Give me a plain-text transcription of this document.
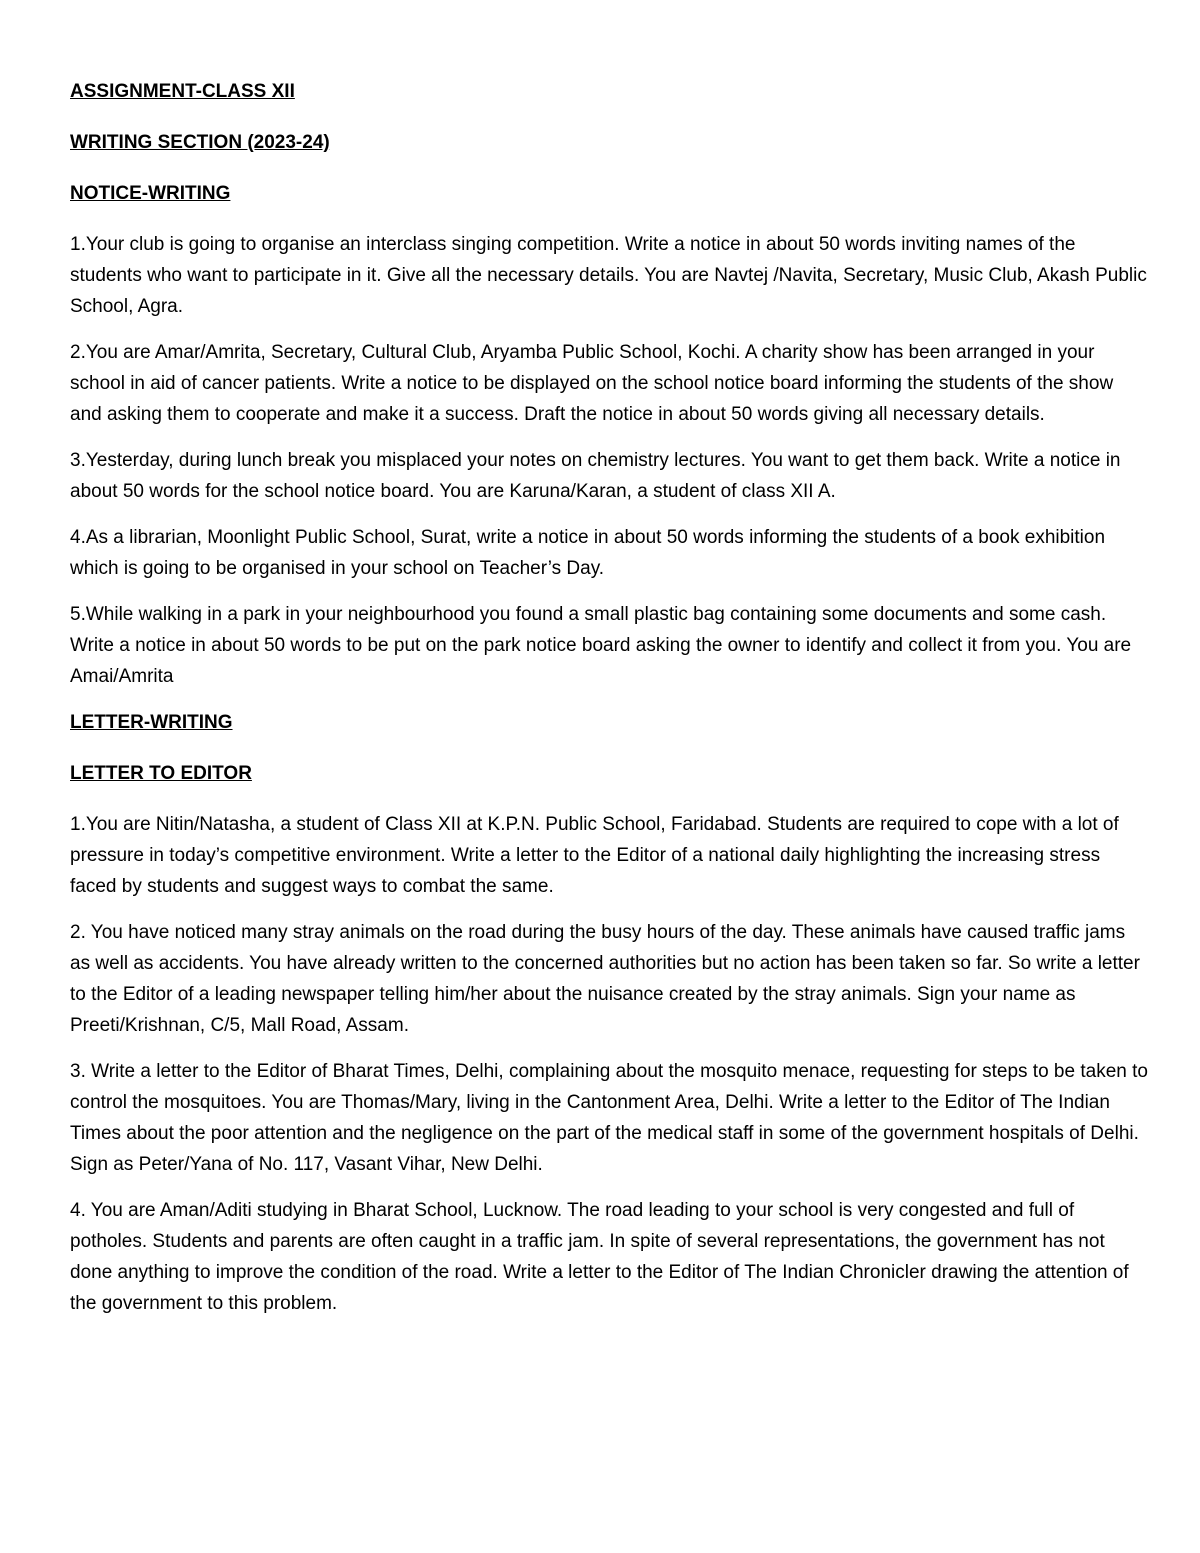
ASSIGNMENT-CLASS XII
WRITING SECTION (2023-24)
NOTICE-WRITING

1.Your club is going to organise an interclass singing competition. Write a notice in about 50 words inviting names of the students who want to participate in it. Give all the necessary details. You are Navtej /Navita, Secretary, Music Club, Akash Public School, Agra.

2.You are Amar/Amrita, Secretary, Cultural Club, Aryamba Public School, Kochi. A charity show has been arranged in your school in aid of cancer patients. Write a notice to be displayed on the school notice board informing the students of the show and asking them to cooperate and make it a success. Draft the notice in about 50 words giving all necessary details.

3.Yesterday, during lunch break you misplaced your notes on chemistry lectures. You want to get them back. Write a notice in about 50 words for the school notice board. You are Karuna/Karan, a student of class XII A.

4.As a librarian, Moonlight Public School, Surat, write a notice in about 50 words informing the students of a book exhibition which is going to be organised in your school on Teacher’s Day.

5.While walking in a park in your neighbourhood you found a small plastic bag containing some documents and some cash. Write a notice in about 50 words to be put on the park notice board asking the owner to identify and collect it from you. You are Amai/Amrita

LETTER-WRITING
LETTER TO EDITOR

1.You are Nitin/Natasha, a student of Class XII at K.P.N. Public School, Faridabad. Students are required to cope with a lot of pressure in today’s competitive environment. Write a letter to the Editor of a national daily highlighting the increasing stress faced by students and suggest ways to combat the same.

2. You have noticed many stray animals on the road during the busy hours of the day. These animals have caused traffic jams as well as accidents. You have already written to the concerned authorities but no action has been taken so far. So write a letter to the Editor of a leading newspaper telling him/her about the nuisance created by the stray animals. Sign your name as Preeti/Krishnan, C/5, Mall Road, Assam.

3. Write a letter to the Editor of Bharat Times, Delhi, complaining about the mosquito menace, requesting for steps to be taken to control the mosquitoes. You are Thomas/Mary, living in the Cantonment Area, Delhi. Write a letter to the Editor of The Indian Times about the poor attention and the negligence on the part of the medical staff in some of the government hospitals of Delhi. Sign as Peter/Yana of No. 117, Vasant Vihar, New Delhi.

4. You are Aman/Aditi studying in Bharat School, Lucknow. The road leading to your school is very congested and full of potholes. Students and parents are often caught in a traffic jam. In spite of several representations, the government has not done anything to improve the condition of the road. Write a letter to the Editor of The Indian Chronicler drawing the attention of the government to this problem.
